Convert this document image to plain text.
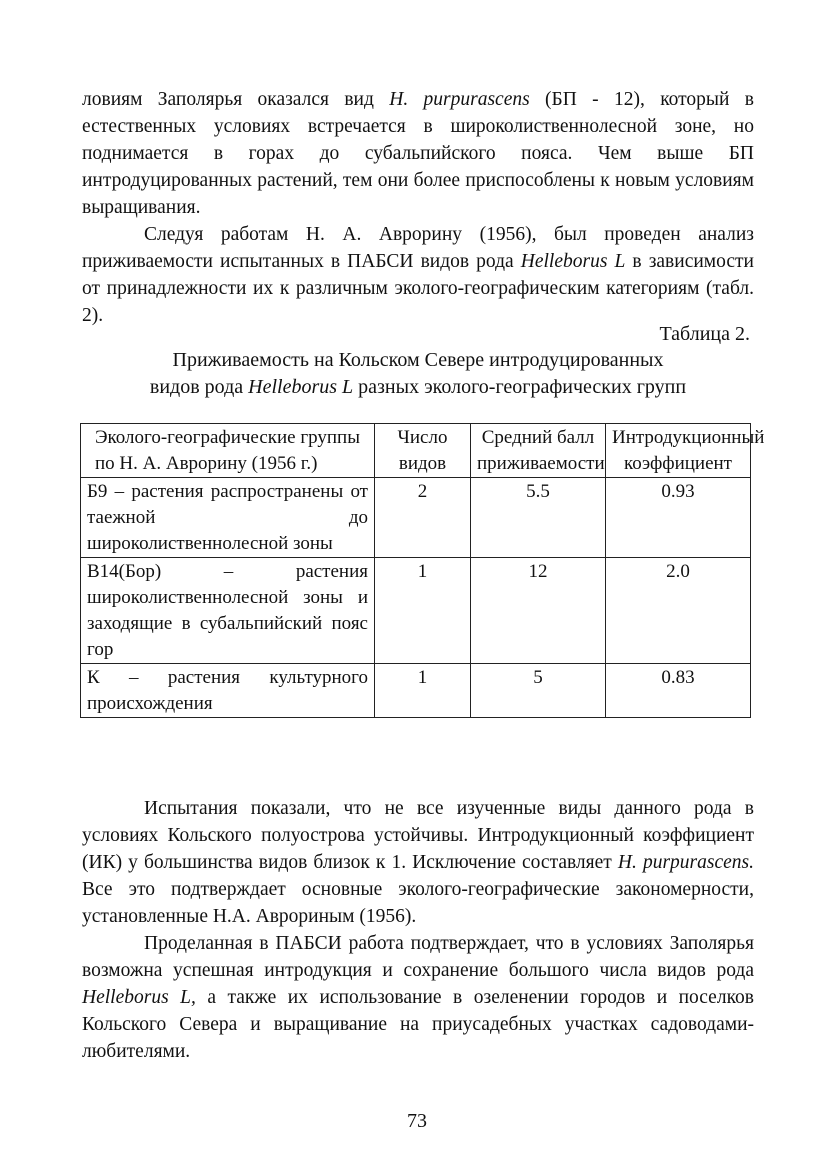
ловиям Заполярья оказался вид H. purpurascens (БП - 12), который в естественных условиях встречается в широколиственнолесной зоне, но поднимается в горах до субальпийского пояса. Чем выше БП интродуцированных растений, тем они более приспособлены к новым условиям выращивания.

Следуя работам Н. А. Аврорину (1956), был проведен анализ приживаемости испытанных в ПАБСИ видов рода Helleborus L в зависимости от принадлежности их к различным эколого-географическим категориям (табл. 2).

Таблица 2.
Приживаемость на Кольском Севере интродуцированных
видов рода Helleborus L разных эколого-географических групп
Эколого-географические группы по Н. А. Аврорину (1956 г.)	Число видов	Средний балл приживаемости	Интродукционный коэффициент
Б9 – растения распространены от таежной до широколиственнолесной зоны	2	5.5	0.93
В14(Бор) – растения широколиственнолесной зоны и заходящие в субальпийский пояс гор	1	12	2.0
К – растения культурного происхождения	1	5	0.83

Испытания показали, что не все изученные виды данного рода в условиях Кольского полуострова устойчивы. Интродукционный коэффициент (ИК) у большинства видов близок к 1. Исключение составляет H. purpurascens. Все это подтверждает основные эколого-географические закономерности, установленные Н.А. Аврориным (1956).

Проделанная в ПАБСИ работа подтверждает, что в условиях Заполярья возможна успешная интродукция и сохранение большого числа видов рода Helleborus L, а также их использование в озеленении городов и поселков Кольского Севера и выращивание на приусадебных участках садоводами-любителями.

73
